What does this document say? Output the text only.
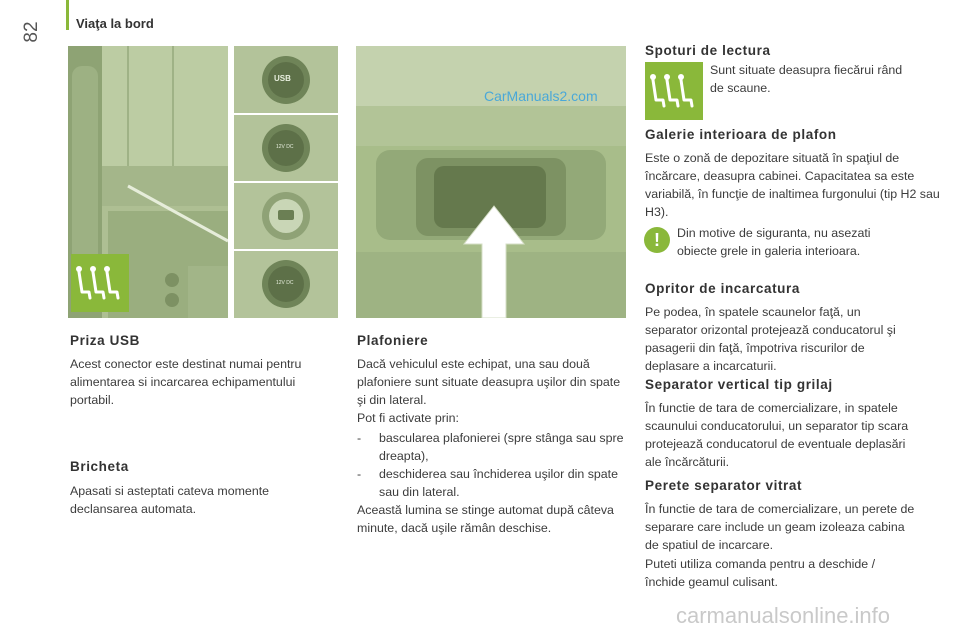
82	Viaţa la bord
USB
12V DC
12V DC
CarManuals2.com
Priza USB
Acest conector este destinat numai pentru alimentarea si incarcarea echipamentului portabil.
Bricheta
Apasati si asteptati cateva momente declansarea automata.
Plafoniere
Dacă vehiculul este echipat, una sau două plafoniere sunt situate deasupra uşilor din spate şi din lateral.
Pot fi activate prin:
- bascularea plafonierei (spre stânga sau spre dreapta),
- deschiderea sau închiderea uşilor din spate sau din lateral.
Această lumina se stinge automat după câteva minute, dacă uşile rămân deschise.
Spoturi de lectura
Sunt situate deasupra fiecărui rând de scaune.
Galerie interioara de plafon
Este o zonă de depozitare situată în spaţiul de încărcare, deasupra cabinei. Capacitatea sa este variabilă, în funcţie de inaltimea furgonului (tip H2 sau H3).
! Din motive de siguranta, nu asezati obiecte grele in galeria interioara.
Opritor de incarcatura
Pe podea, în spatele scaunelor faţă, un separator orizontal protejează conducatorul şi pasagerii din faţă, împotriva riscurilor de deplasare a incarcaturii.
Separator vertical tip grilaj
În functie de tara de comercializare, in spatele scaunului conducatorului, un separator tip scara protejează conducatorul de eventuale deplasări ale încărcăturii.
Perete separator vitrat
În functie de tara de comercializare, un perete de separare care include un geam izoleaza cabina de spatiul de incarcare.
Puteti utiliza comanda pentru a deschide / închide geamul culisant.
carmanualsonline.info
